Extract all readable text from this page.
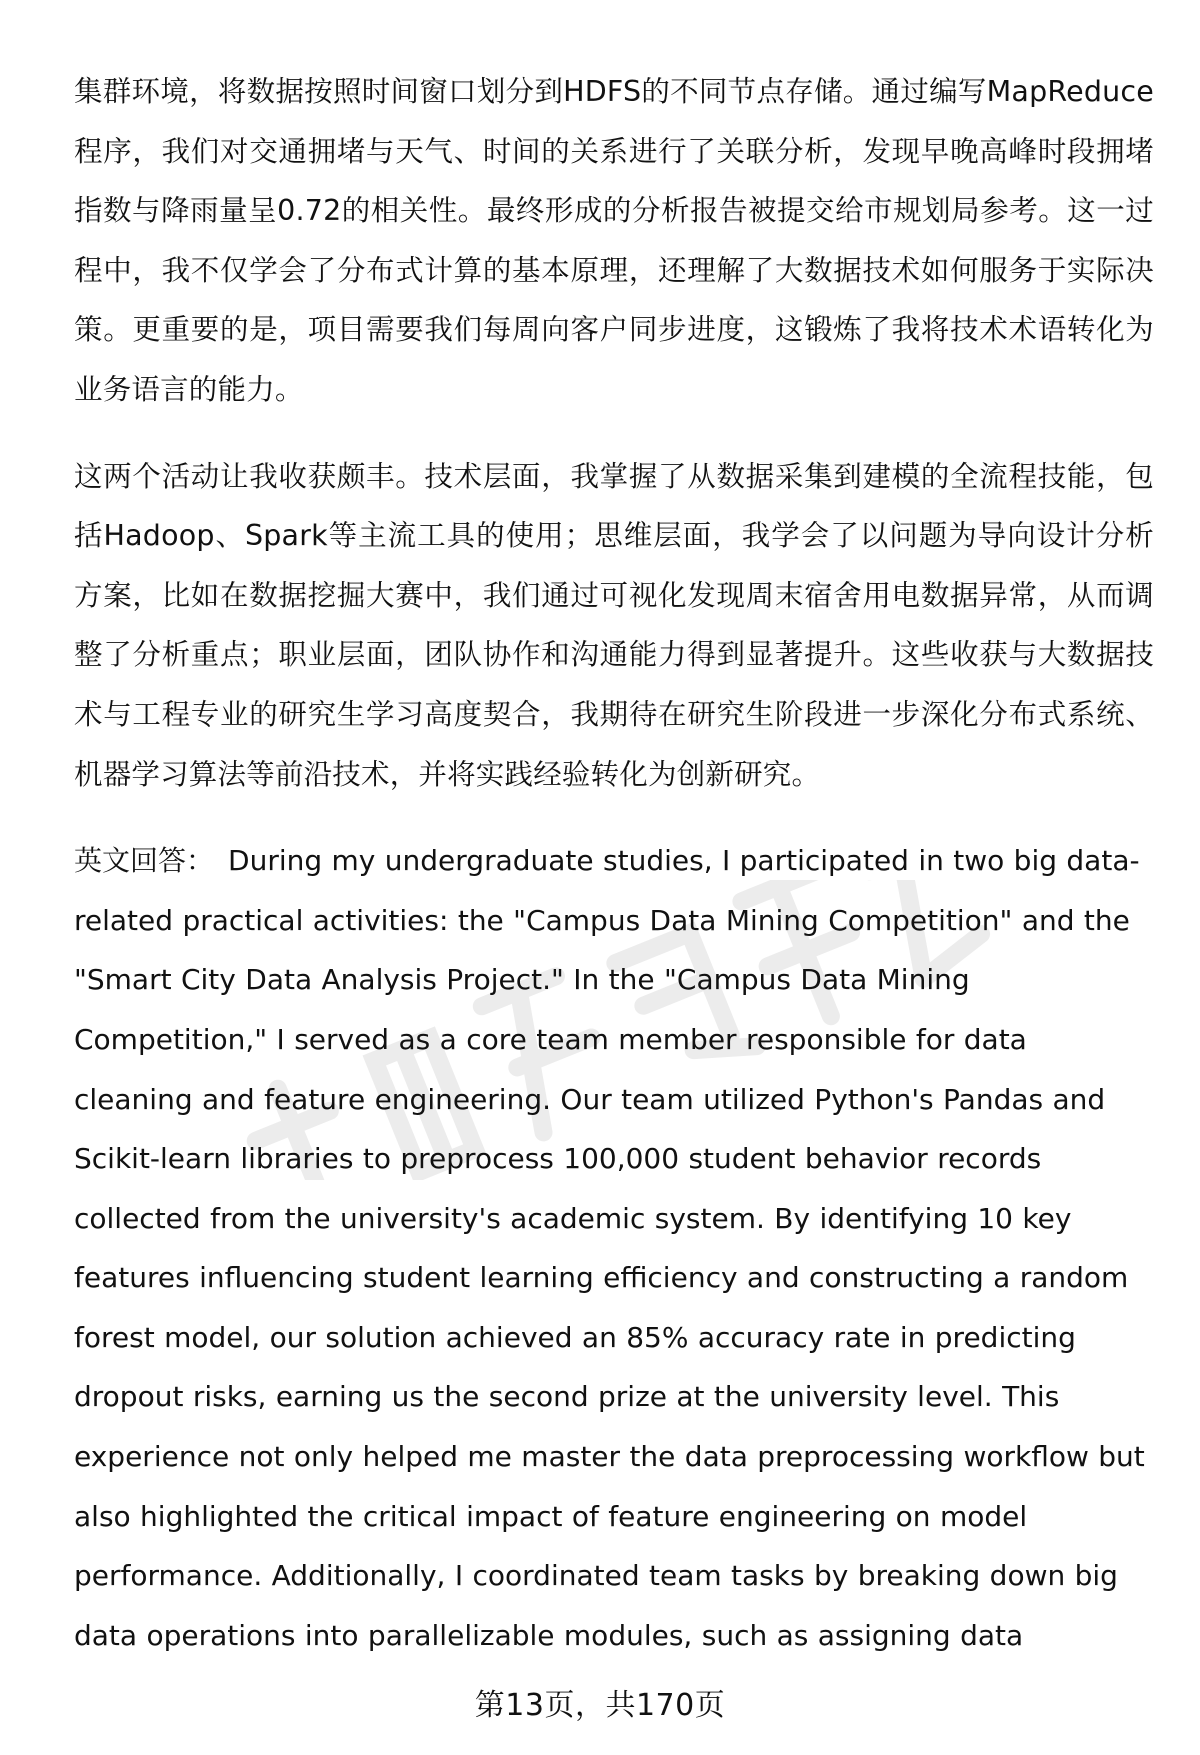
集群环境，将数据按照时间窗口划分到HDFS的不同节点存储。通过编写MapReduce程序，我们对交通拥堵与天气、时间的关系进行了关联分析，发现早晚高峰时段拥堵指数与降雨量呈0.72的相关性。最终形成的分析报告被提交给市规划局参考。这一过程中，我不仅学会了分布式计算的基本原理，还理解了大数据技术如何服务于实际决策。更重要的是，项目需要我们每周向客户同步进度，这锻炼了我将技术术语转化为业务语言的能力。

这两个活动让我收获颇丰。技术层面，我掌握了从数据采集到建模的全流程技能，包括Hadoop、Spark等主流工具的使用；思维层面，我学会了以问题为导向设计分析方案，比如在数据挖掘大赛中，我们通过可视化发现周末宿舍用电数据异常，从而调整了分析重点；职业层面，团队协作和沟通能力得到显著提升。这些收获与大数据技术与工程专业的研究生学习高度契合，我期待在研究生阶段进一步深化分布式系统、机器学习算法等前沿技术，并将实践经验转化为创新研究。

英文回答： During my undergraduate studies, I participated in two big data-related practical activities: the "Campus Data Mining Competition" and the "Smart City Data Analysis Project." In the "Campus Data Mining Competition," I served as a core team member responsible for data cleaning and feature engineering. Our team utilized Python's Pandas and Scikit-learn libraries to preprocess 100,000 student behavior records collected from the university's academic system. By identifying 10 key features influencing student learning efficiency and constructing a random forest model, our solution achieved an 85% accuracy rate in predicting dropout risks, earning us the second prize at the university level. This experience not only helped me master the data preprocessing workflow but also highlighted the critical impact of feature engineering on model performance. Additionally, I coordinated team tasks by breaking down big data operations into parallelizable modules, such as assigning data

第13页，共170页
